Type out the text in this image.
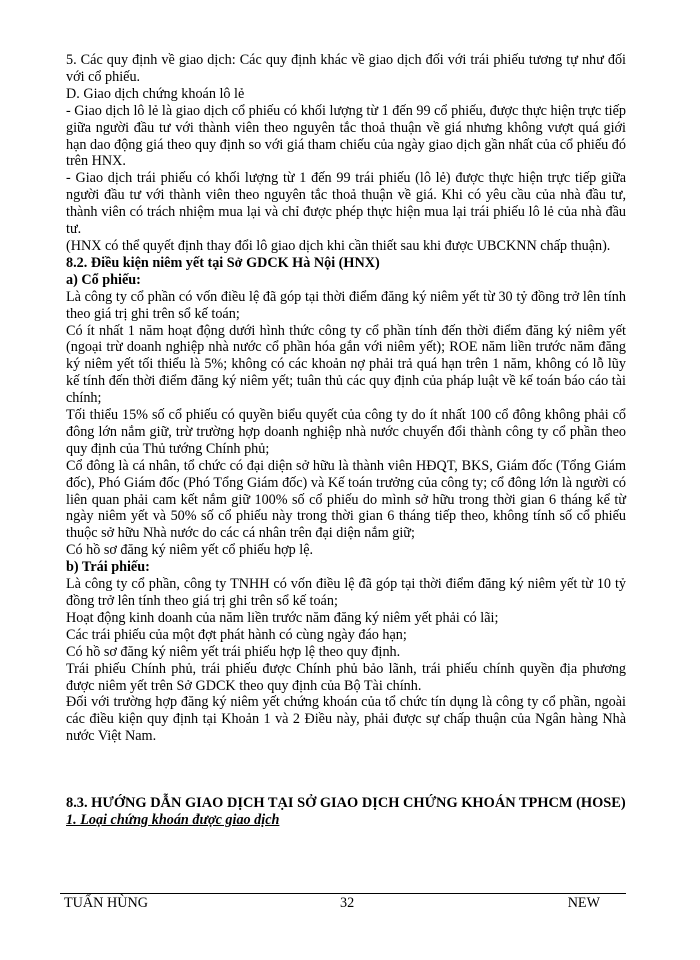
5. Các quy định về giao dịch: Các quy định khác về giao dịch đối với trái phiếu tương tự như đối với cổ phiếu.

D. Giao dịch chứng khoán lô lẻ

- Giao dịch lô lẻ là giao dịch cổ phiếu có khối lượng từ 1 đến 99 cổ phiếu, được thực hiện trực tiếp giữa người đầu tư với thành viên theo nguyên tắc thoả thuận về giá nhưng không vượt quá giới hạn dao động giá theo quy định so với giá tham chiếu của ngày giao dịch gần nhất của cổ phiếu đó trên HNX.

- Giao dịch trái phiếu có khối lượng từ 1 đến 99 trái phiếu (lô lẻ) được thực hiện trực tiếp giữa người đầu tư với thành viên theo nguyên tắc thoả thuận về giá. Khi có yêu cầu của nhà đầu tư, thành viên có trách nhiệm mua lại và chỉ được phép thực hiện mua lại trái phiếu lô lẻ của nhà đầu tư.

(HNX có thể quyết định thay đổi lô giao dịch khi cần thiết sau khi được UBCKNN chấp thuận).

8.2. Điều kiện niêm yết tại Sở GDCK Hà Nội (HNX)

a) Cổ phiếu:

Là công ty cổ phần có vốn điều lệ đã góp tại thời điểm đăng ký niêm yết từ 30 tỷ đồng trở lên tính theo giá trị ghi trên sổ kế toán;

Có ít nhất 1 năm hoạt động dưới hình thức công ty cổ phần tính đến thời điểm đăng ký niêm yết (ngoại trừ doanh nghiệp nhà nước cổ phần hóa gắn với niêm yết); ROE năm liền trước năm đăng ký niêm yết tối thiểu là 5%; không có các khoản nợ phải trả quá hạn trên 1 năm, không có lỗ lũy kế tính đến thời điểm đăng ký niêm yết; tuân thủ các quy định của pháp luật về kế toán báo cáo tài chính;

Tối thiểu 15% số cổ phiếu có quyền biểu quyết của công ty do ít nhất 100 cổ đông không phải cổ đông lớn nắm giữ, trừ trường hợp doanh nghiệp nhà nước chuyển đổi thành công ty cổ phần theo quy định của Thủ tướng Chính phủ;

Cổ đông là cá nhân, tổ chức có đại diện sở hữu là thành viên HĐQT, BKS, Giám đốc (Tổng Giám đốc), Phó Giám đốc (Phó Tổng Giám đốc) và Kế toán trưởng của công ty; cổ đông lớn là người có liên quan phải cam kết nắm giữ 100% số cổ phiếu do mình sở hữu trong thời gian 6 tháng kể từ ngày niêm yết và 50% số cổ phiếu này trong thời gian 6 tháng tiếp theo, không tính số cổ phiếu thuộc sở hữu Nhà nước do các cá nhân trên đại diện nắm giữ;

Có hồ sơ đăng ký niêm yết cổ phiếu hợp lệ.

b) Trái phiếu:

Là công ty cổ phần, công ty TNHH có vốn điều lệ đã góp tại thời điểm đăng ký niêm yết từ 10 tỷ đồng trở lên tính theo giá trị ghi trên sổ kế toán;

Hoạt động kinh doanh của năm liền trước năm đăng ký niêm yết phải có lãi;

Các trái phiếu của một đợt phát hành có cùng ngày đáo hạn;

Có hồ sơ đăng ký niêm yết trái phiếu hợp lệ theo quy định.

Trái phiếu Chính phủ, trái phiếu được Chính phủ bảo lãnh, trái phiếu chính quyền địa phương được niêm yết trên Sở GDCK theo quy định của Bộ Tài chính.

Đối với trường hợp đăng ký niêm yết chứng khoán của tổ chức tín dụng là công ty cổ phần, ngoài các điều kiện quy định tại Khoản 1 và 2 Điều này, phải được sự chấp thuận của Ngân hàng Nhà nước Việt Nam.

8.3. HƯỚNG DẪN GIAO DỊCH TẠI SỞ GIAO DỊCH CHỨNG KHOÁN TPHCM (HOSE)

1. Loại chứng khoán được giao dịch

TUẤN HÙNG	32	NEW
